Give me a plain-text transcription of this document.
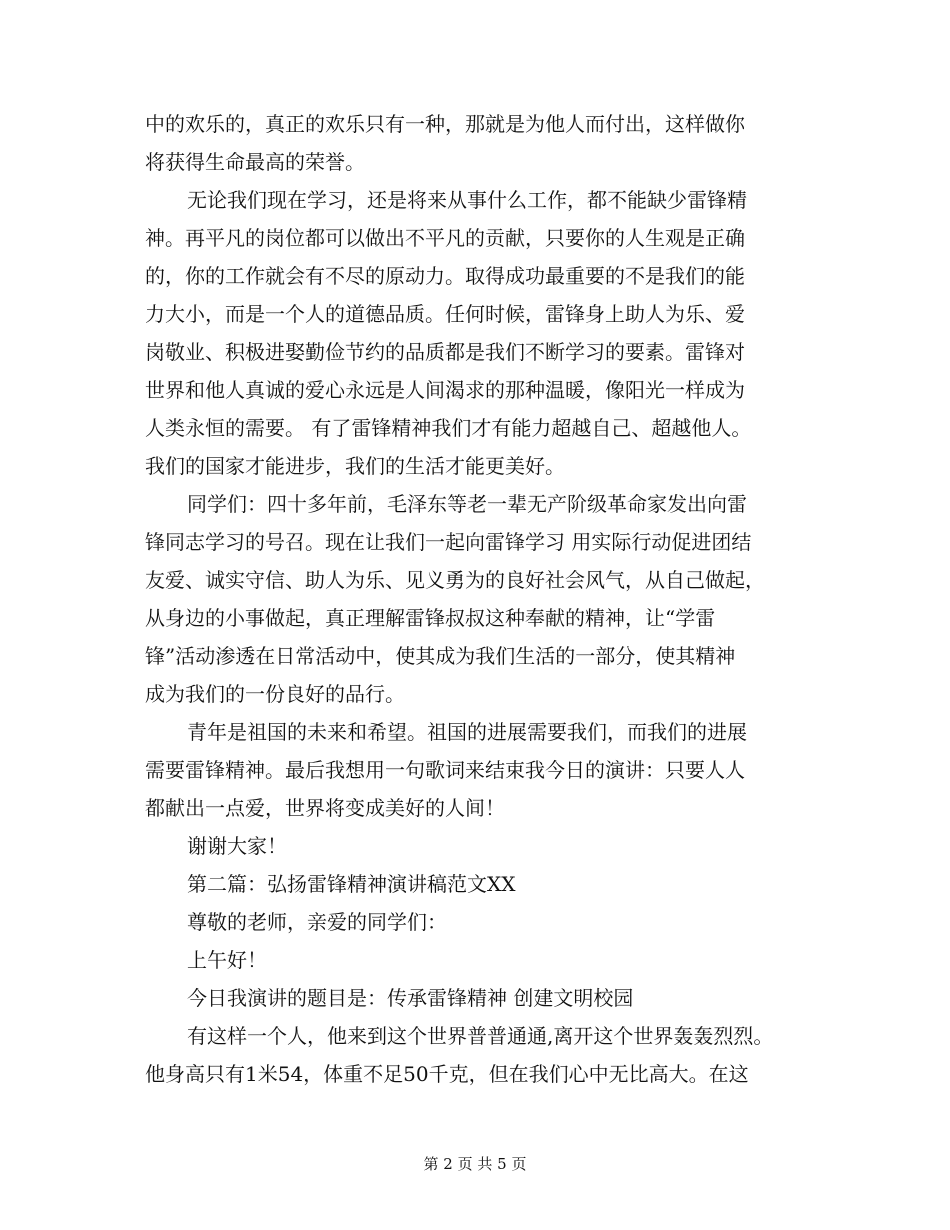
中的欢乐的，真正的欢乐只有一种，那就是为他人而付出，这样做你
将获得生命最高的荣誉。
无论我们现在学习，还是将来从事什么工作，都不能缺少雷锋精
神。再平凡的岗位都可以做出不平凡的贡献，只要你的人生观是正确
的，你的工作就会有不尽的原动力。取得成功最重要的不是我们的能
力大小，而是一个人的道德品质。任何时候，雷锋身上助人为乐、爱
岗敬业、积极进娶勤俭节约的品质都是我们不断学习的要素。雷锋对
世界和他人真诚的爱心永远是人间渴求的那种温暖，像阳光一样成为
人类永恒的需要。 有了雷锋精神我们才有能力超越自己、超越他人。
我们的国家才能进步，我们的生活才能更美好。
同学们：四十多年前，毛泽东等老一辈无产阶级革命家发出向雷
锋同志学习的号召。现在让我们一起向雷锋学习 用实际行动促进团结
友爱、诚实守信、助人为乐、见义勇为的良好社会风气，从自己做起，
从身边的小事做起，真正理解雷锋叔叔这种奉献的精神，让“学雷
锋”活动渗透在日常活动中，使其成为我们生活的一部分，使其精神
成为我们的一份良好的品行。
青年是祖国的未来和希望。祖国的进展需要我们，而我们的进展
需要雷锋精神。最后我想用一句歌词来结束我今日的演讲：只要人人
都献出一点爱，世界将变成美好的人间！
谢谢大家！
第二篇：弘扬雷锋精神演讲稿范文XX
尊敬的老师，亲爱的同学们：
上午好！
今日我演讲的题目是：传承雷锋精神 创建文明校园
有这样一个人，他来到这个世界普普通通,离开这个世界轰轰烈烈。
他身高只有1米54，体重不足50千克，但在我们心中无比高大。在这
第 2 页 共 5 页
